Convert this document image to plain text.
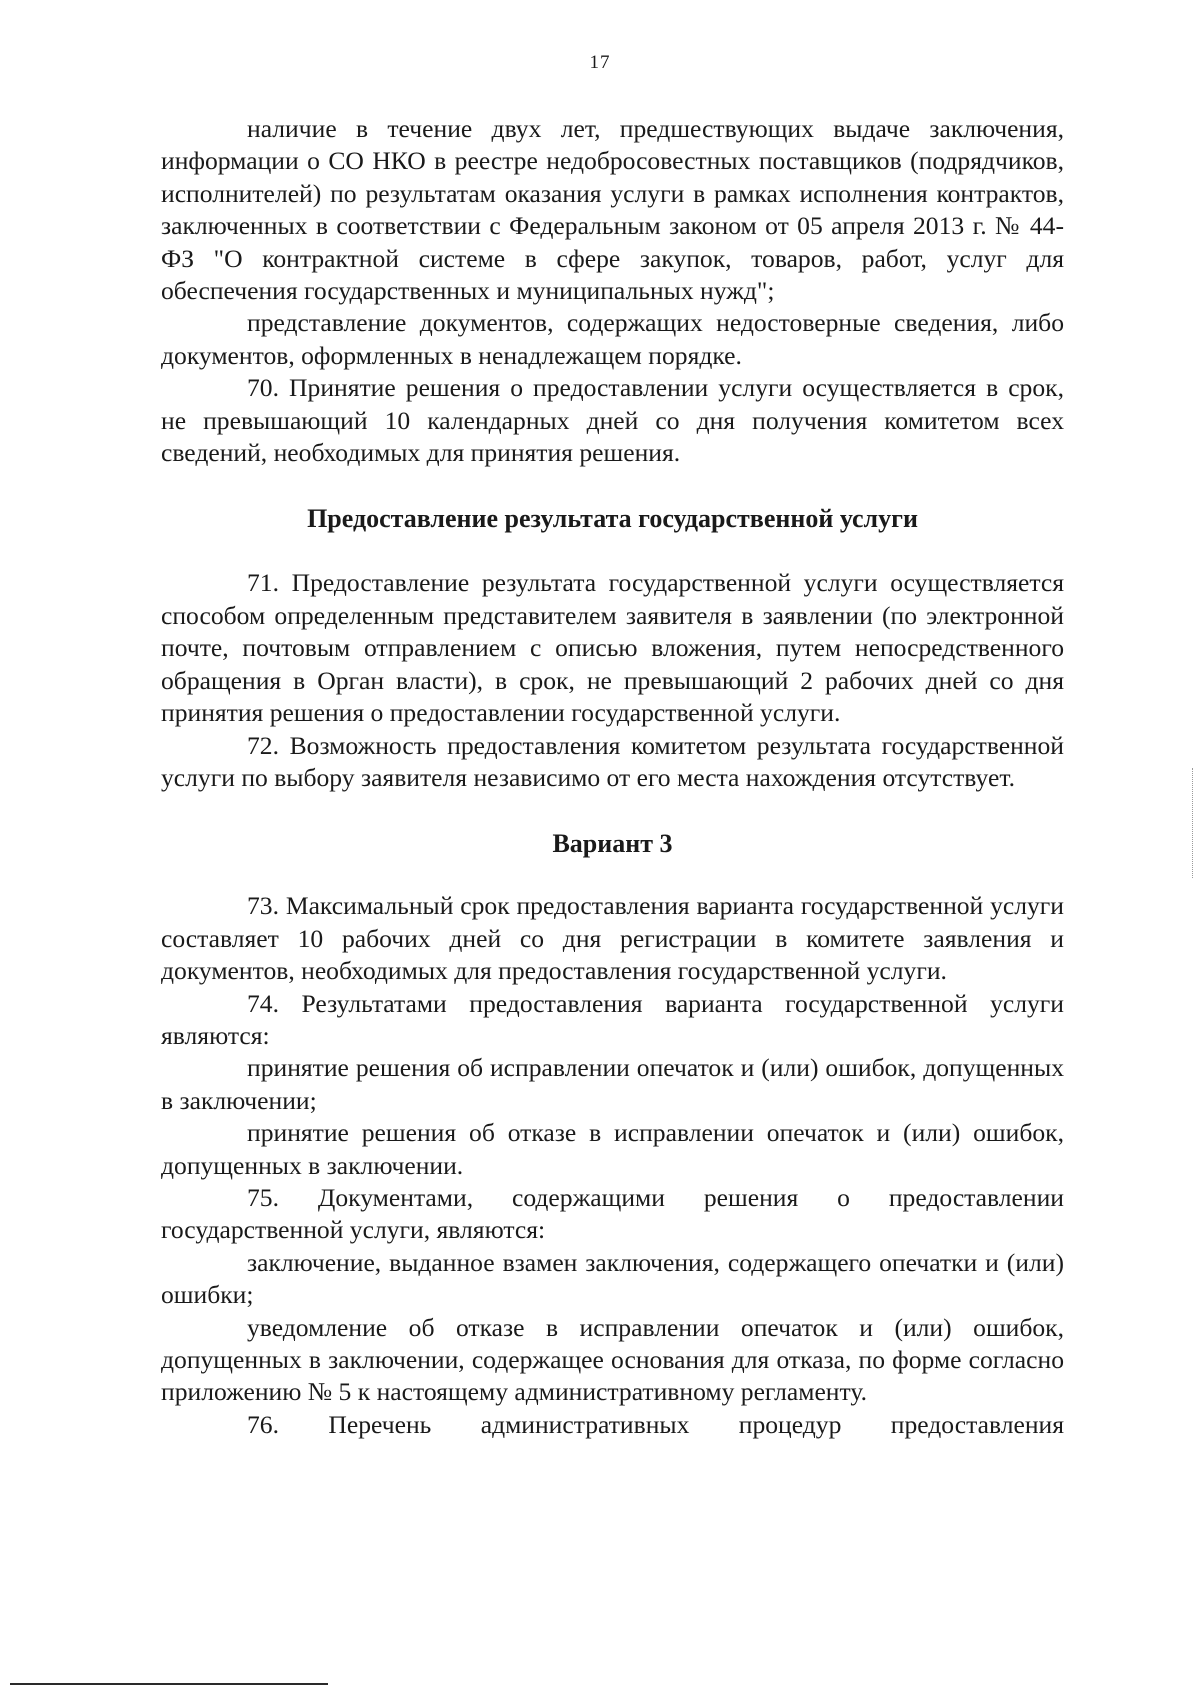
17

наличие в течение двух лет, предшествующих выдаче заключения, информации о СО НКО в реестре недобросовестных поставщиков (подрядчиков, исполнителей) по результатам оказания услуги в рамках исполнения контрактов, заключенных в соответствии с Федеральным законом от 05 апреля 2013 г. № 44-ФЗ "О контрактной системе в сфере закупок, товаров, работ, услуг для обеспечения государственных и муниципальных нужд";

представление документов, содержащих недостоверные сведения, либо документов, оформленных в ненадлежащем порядке.

70. Принятие решения о предоставлении услуги осуществляется в срок, не превышающий 10 календарных дней со дня получения комитетом всех сведений, необходимых для принятия решения.

Предоставление результата государственной услуги

71. Предоставление результата государственной услуги осуществляется способом определенным представителем заявителя в заявлении (по электронной почте, почтовым отправлением с описью вложения, путем непосредственного обращения в Орган власти), в срок, не превышающий 2 рабочих дней со дня принятия решения о предоставлении государственной услуги.

72. Возможность предоставления комитетом результата государственной услуги по выбору заявителя независимо от его места нахождения отсутствует.

Вариант 3

73. Максимальный срок предоставления варианта государственной услуги составляет 10 рабочих дней со дня регистрации в комитете заявления и документов, необходимых для предоставления государственной услуги.

74. Результатами предоставления варианта государственной услуги являются:

принятие решения об исправлении опечаток и (или) ошибок, допущенных в заключении;

принятие решения об отказе в исправлении опечаток и (или) ошибок, допущенных в заключении.

75. Документами, содержащими решения о предоставлении государственной услуги, являются:

заключение, выданное взамен заключения, содержащего опечатки и (или) ошибки;

уведомление об отказе в исправлении опечаток и (или) ошибок, допущенных в заключении, содержащее основания для отказа, по форме согласно приложению № 5 к настоящему административному регламенту.

76. Перечень административных процедур предоставления
